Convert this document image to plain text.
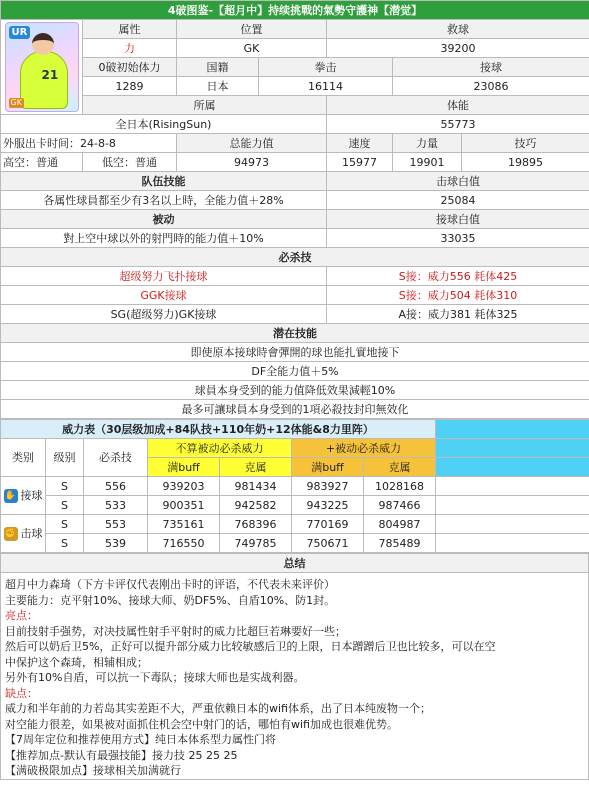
4破图鉴-【超月中】持续挑戰的氣勢守護神【潜觉】						

UR
21
GK	属性	位置		救球		
	力	GK		39200		
	0破初始体力	国籍	拳击		接球	
	1289	日本	16114		23086	
	所属			体能		
全日本(RisingSun)				55773		
外服出卡时间：24-8-8		总能力值		速度	力量	技巧
高空：普通	低空：普通	94973		15977	19901	19895
队伍技能				击球白值		
各属性球員都至少有3名以上時，全能力值＋28%				25084		
被动				接球白值		
對上空中球以外的射門時的能力值＋10%				33035		
必杀技						
超级努力飞扑接球				S接：威力556 耗体425		
GGK接球				S接：威力504 耗体310		
SG(超级努力)GK接球				A接：威力381 耗体325		
潜在技能						
即使原本接球時會彈開的球也能扎實地接下						
DF全能力值＋5%						
球員本身受到的能力值降低效果減輕10%						
最多可讓球員本身受到的1項必殺技封印無效化						
威力表（30层级加成+84队技+110年奶+12体能&8力里阵）							
类别	级别	必杀技	不算被动必杀威力		+被动必杀威力		
			满buff	克属	满buff	克属	
✋ 接球	S	556	939203	981434	983927	1028168	
	S	533	900351	942582	943225	987466	
✊ 击球	S	553	735161	768396	770169	804987	
	S	539	716550	749785	750671	785489	
总结

超月中力森琦（下方卡评仅代表刚出卡时的评语，不代表未来评价）
主要能力：克平射10%、接球大师、奶DF5%、自盾10%、防1封。
亮点：
目前技射手强势，对决技属性射手平射时的威力比超巨若琳要好一些；
然后可以奶后卫5%，正好可以提升部分威力比较敏感后卫的上限，日本蹭蹭后卫也比较多，可以在空
中保护这个森琦，相辅相成；
另外有10%自盾，可以抗一下毒队；接球大师也是实战利器。
缺点：
威力和半年前的力若岛其实差距不大，严重依赖日本的wifi体系，出了日本纯废物一个；
对空能力很差，如果被对面抓住机会空中射门的话，哪怕有wifi加成也很难优势。
【7周年定位和推荐使用方式】纯日本体系型力属性门将
【推荐加点-默认有最强技能】接力技 25 25 25
【满破极限加点】接球相关加满就行
